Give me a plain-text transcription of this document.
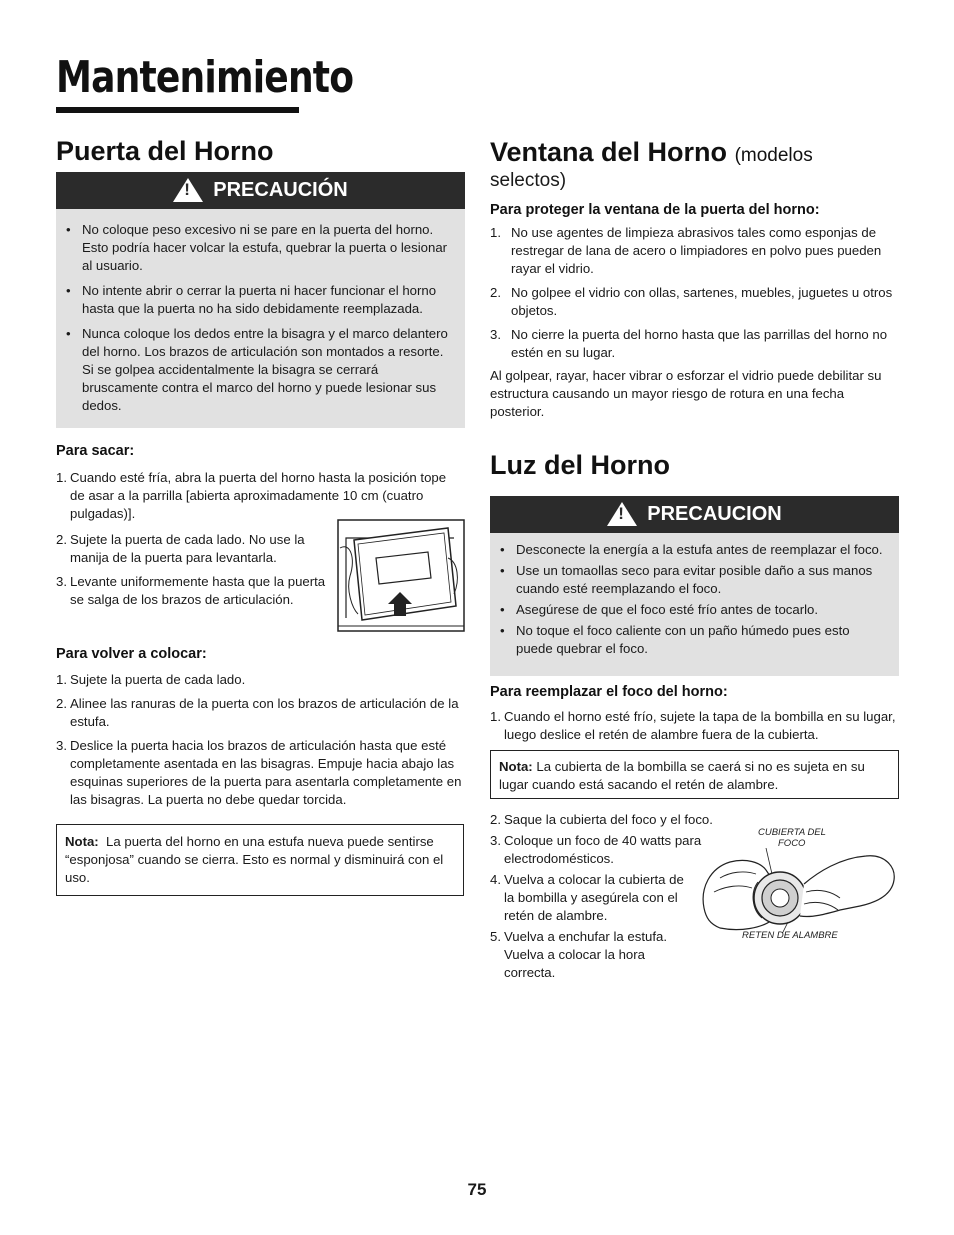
Mantenimiento
Puerta del Horno
!
PRECAUCIÓN
• No coloque peso excesivo ni se pare en la puerta del horno. Esto podría hacer volcar la estufa, quebrar la puerta o lesionar al usuario.
• No intente abrir o cerrar la puerta ni hacer funcionar el horno hasta que la puerta no ha sido debidamente reemplazada.
• Nunca coloque los dedos entre la bisagra y el marco delantero del horno. Los brazos de articulación son montados a resorte. Si se golpea accidentalmente la bisagra se cerrará bruscamente contra el marco del horno y puede lesionar sus dedos.
Para sacar:
1. Cuando esté fría, abra la puerta del horno hasta la posición tope de asar a la parrilla [abierta aproximadamente 10 cm (cuatro pulgadas)].
2. Sujete la puerta de cada lado. No use la manija de la puerta para levantarla.
3. Levante uniformemente hasta que la puerta se salga de los brazos de articulación.
Para volver a colocar:
1. Sujete la puerta de cada lado.
2. Alinee las ranuras de la puerta con los brazos de articulación de la estufa.
3. Deslice la puerta hacia los brazos de articulación hasta que esté completamente asentada en las bisagras. Empuje hacia abajo las esquinas superiores de la puerta para asentarla completamente en las bisagras. La puerta no debe quedar torcida.
Nota: La puerta del horno en una estufa nueva puede sentirse “esponjosa” cuando se cierra. Esto es normal y disminuirá con el uso.
Ventana del Horno (modelos
selectos)
Para proteger la ventana de la puerta del horno:
1. No use agentes de limpieza abrasivos tales como esponjas de restregar de lana de acero o limpiadores en polvo pues pueden rayar el vidrio.
2. No golpee el vidrio con ollas, sartenes, muebles, juguetes u otros objetos.
3. No cierre la puerta del horno hasta que las parrillas del horno no estén en su lugar.

Al golpear, rayar, hacer vibrar o esforzar el vidrio puede debilitar su estructura causando un mayor riesgo de rotura en una fecha posterior.

Luz del Horno
!
PRECAUCION
• Desconecte la energía a la estufa antes de reemplazar el foco.
• Use un tomaollas seco para evitar posible daño a sus manos cuando esté reemplazando el foco.
• Asegúrese de que el foco esté frío antes de tocarlo.
• No toque el foco caliente con un paño húmedo pues esto puede quebrar el foco.
Para reemplazar el foco del horno:
1. Cuando el horno esté frío, sujete la tapa de la bombilla en su lugar, luego deslice el retén de alambre fuera de la cubierta.
Nota: La cubierta de la bombilla se caerá si no es sujeta en su lugar cuando está sacando el retén de alambre.
2. Saque la cubierta del foco y el foco.
3. Coloque un foco de 40 watts para electrodomésticos.
4. Vuelva a colocar la cubierta de la bombilla y asegúrela con el retén de alambre.
5. Vuelva a enchufar la estufa. Vuelva a colocar la hora correcta.
CUBIERTA DEL
FOCO
RETEN DE ALAMBRE
75
